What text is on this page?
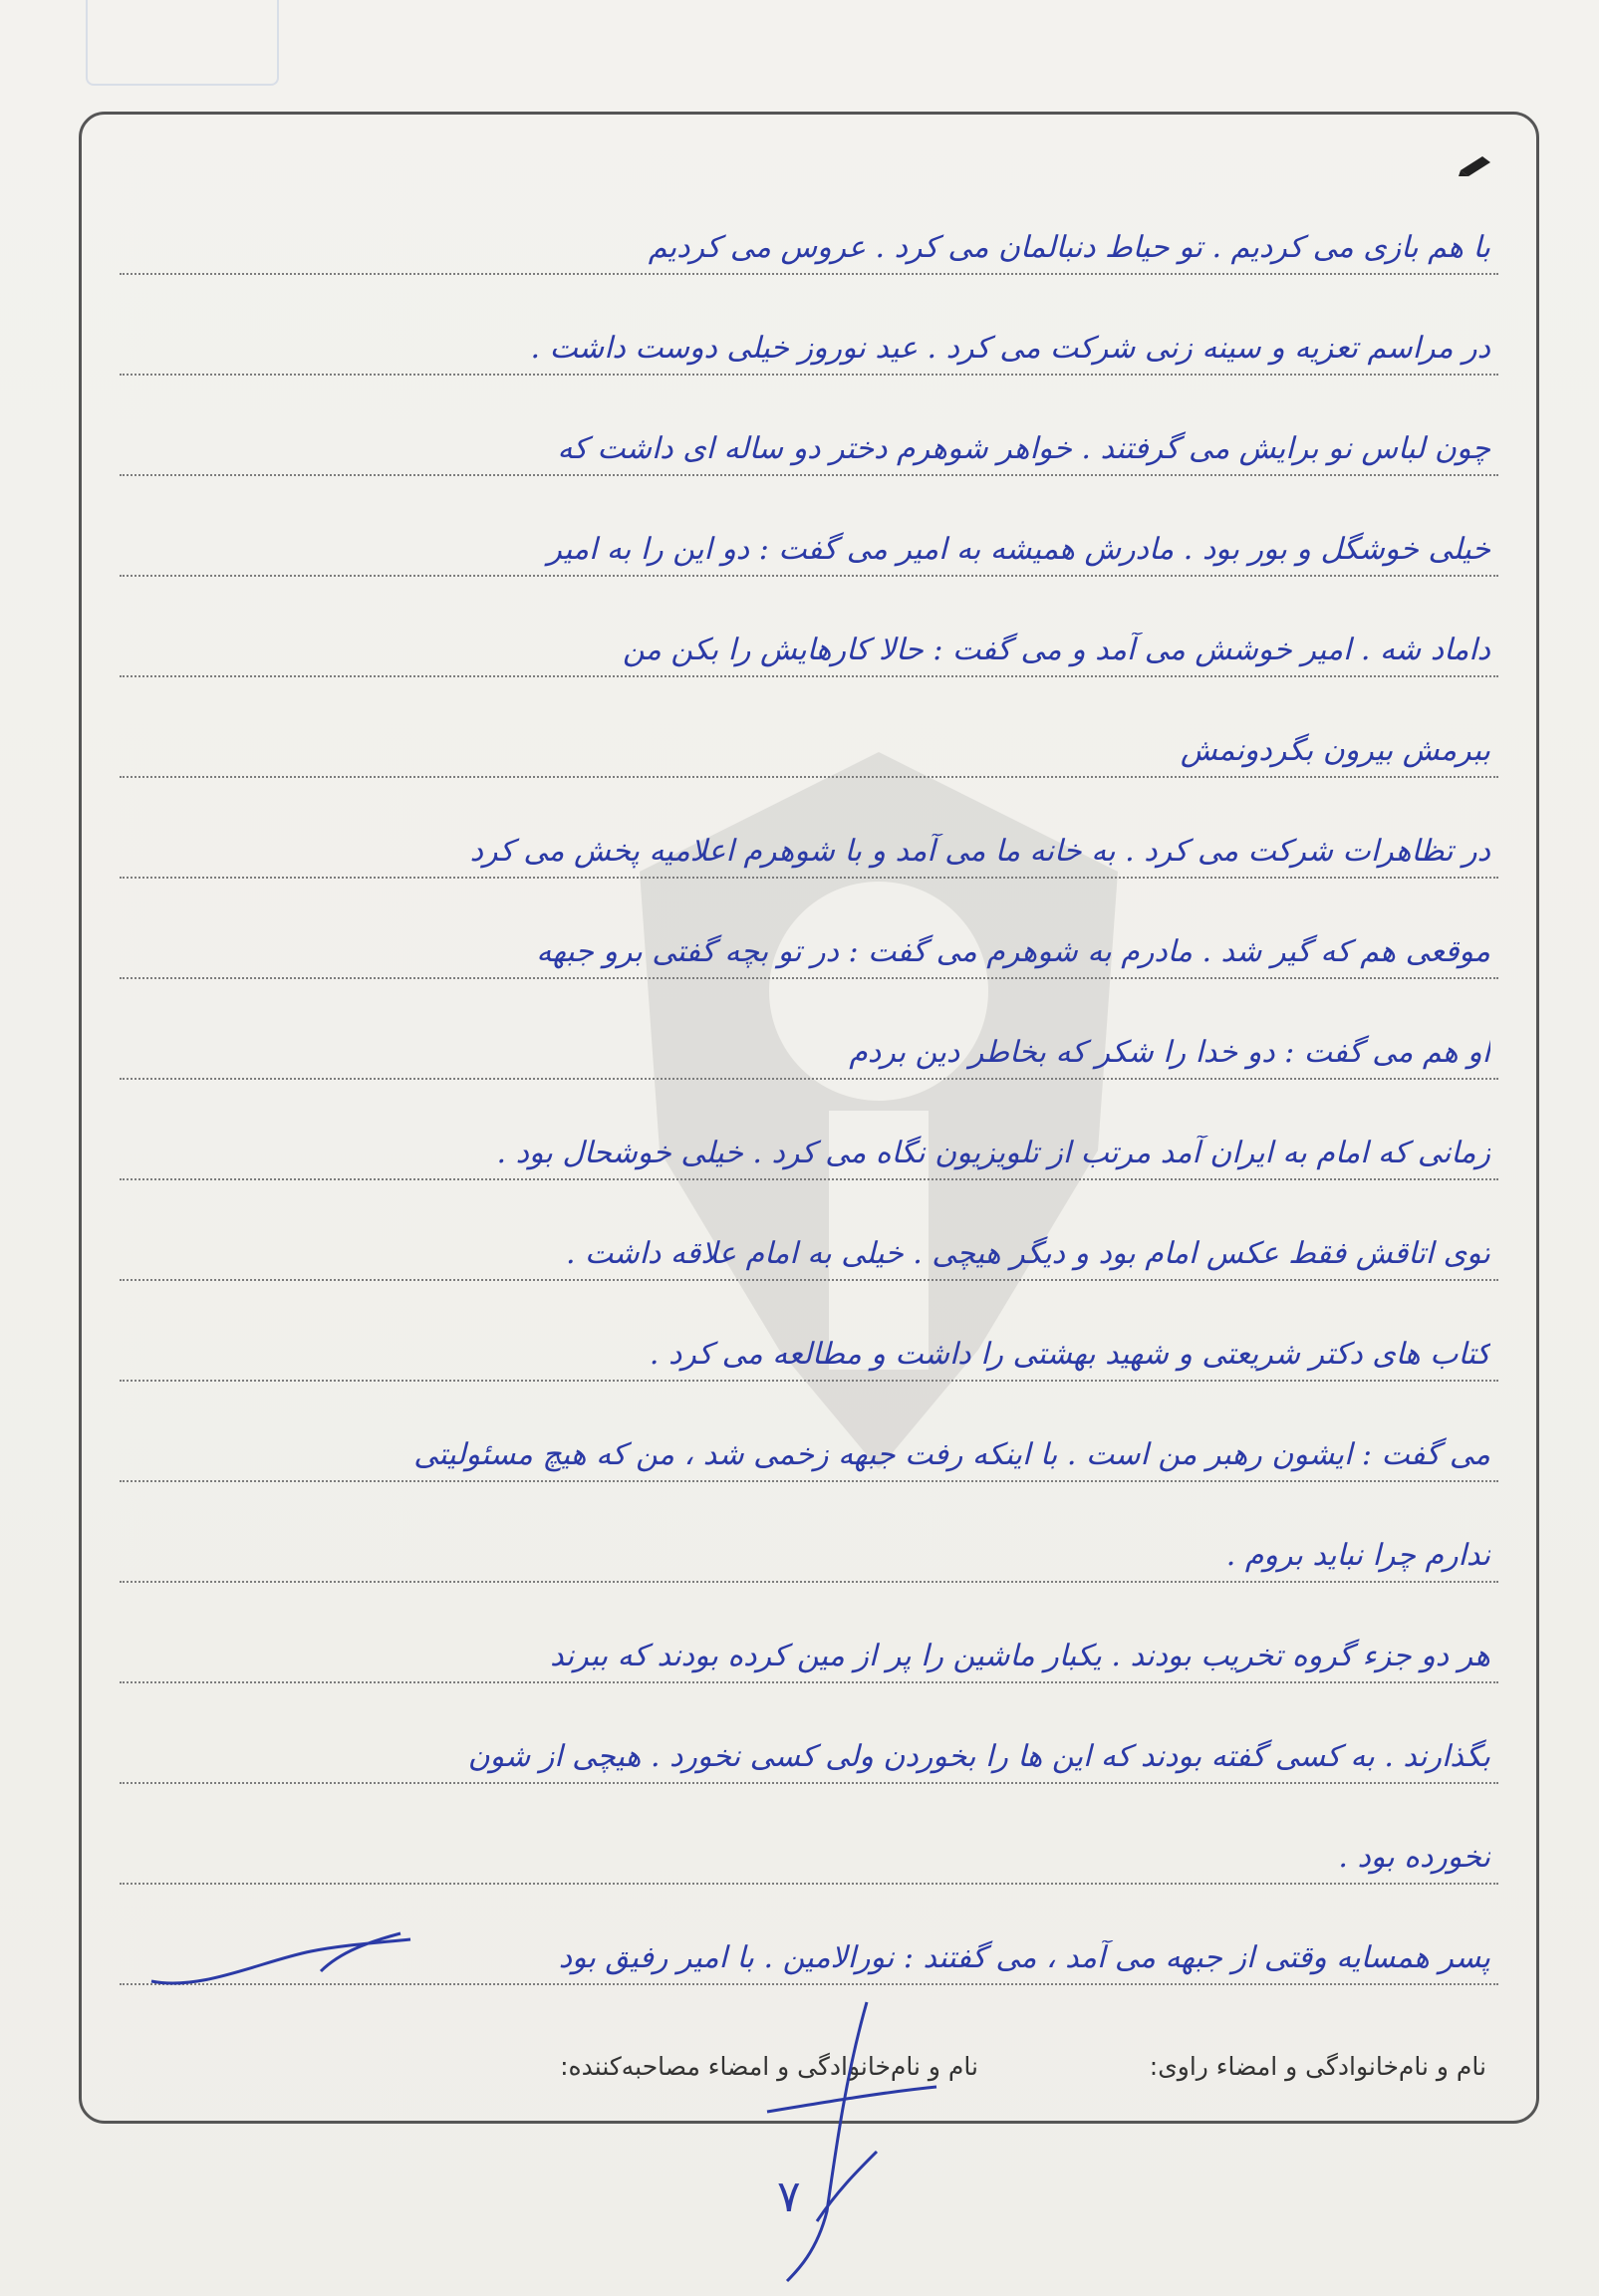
با هم بازی می کردیم . تو حیاط دنبالمان می کرد . عروس می کردیم
در مراسم تعزیه و سینه زنی شرکت می کرد . عید نوروز خیلی دوست داشت .
چون لباس نو برایش می گرفتند . خواهر شوهرم دختر دو ساله ای داشت که
خیلی خوشگل و بور بود . مادرش همیشه به امیر می گفت : دو این را به امیر
داماد شه . امیر خوشش می آمد و می گفت : حالا کارهایش را بکن من
ببرمش بیرون بگردونمش
در تظاهرات شرکت می کرد . به خانه ما می آمد و با شوهرم اعلامیه پخش می کرد
موقعی هم که گیر شد . مادرم به شوهرم می گفت : در تو بچه گفتی برو جبهه
او هم می گفت : دو خدا را شکر که بخاطر دین بردم
زمانی که امام به ایران آمد مرتب از تلویزیون نگاه می کرد . خیلی خوشحال بود .
توی اتاقش فقط عکس امام بود و دیگر هیچی . خیلی به امام علاقه داشت .
کتاب های دکتر شریعتی و شهید بهشتی را داشت و مطالعه می کرد .
می گفت : ایشون رهبر من است . با اینکه رفت جبهه زخمی شد ، من که هیچ مسئولیتی
ندارم چرا نباید بروم .
هر دو جزء گروه تخریب بودند . یکبار ماشین را پر از مین کرده بودند که ببرند
بگذارند . به کسی گفته بودند که این ها را بخوردن ولی کسی نخورد . هیچی از شون
نخورده بود .
پسر همسایه وقتی از جبهه می آمد ، می گفتند : نورالامین . با امیر رفیق بود
نام و نام‌خانوادگی و امضاء راوی:
نام و نام‌خانوادگی و امضاء مصاحبه‌کننده:
٧
